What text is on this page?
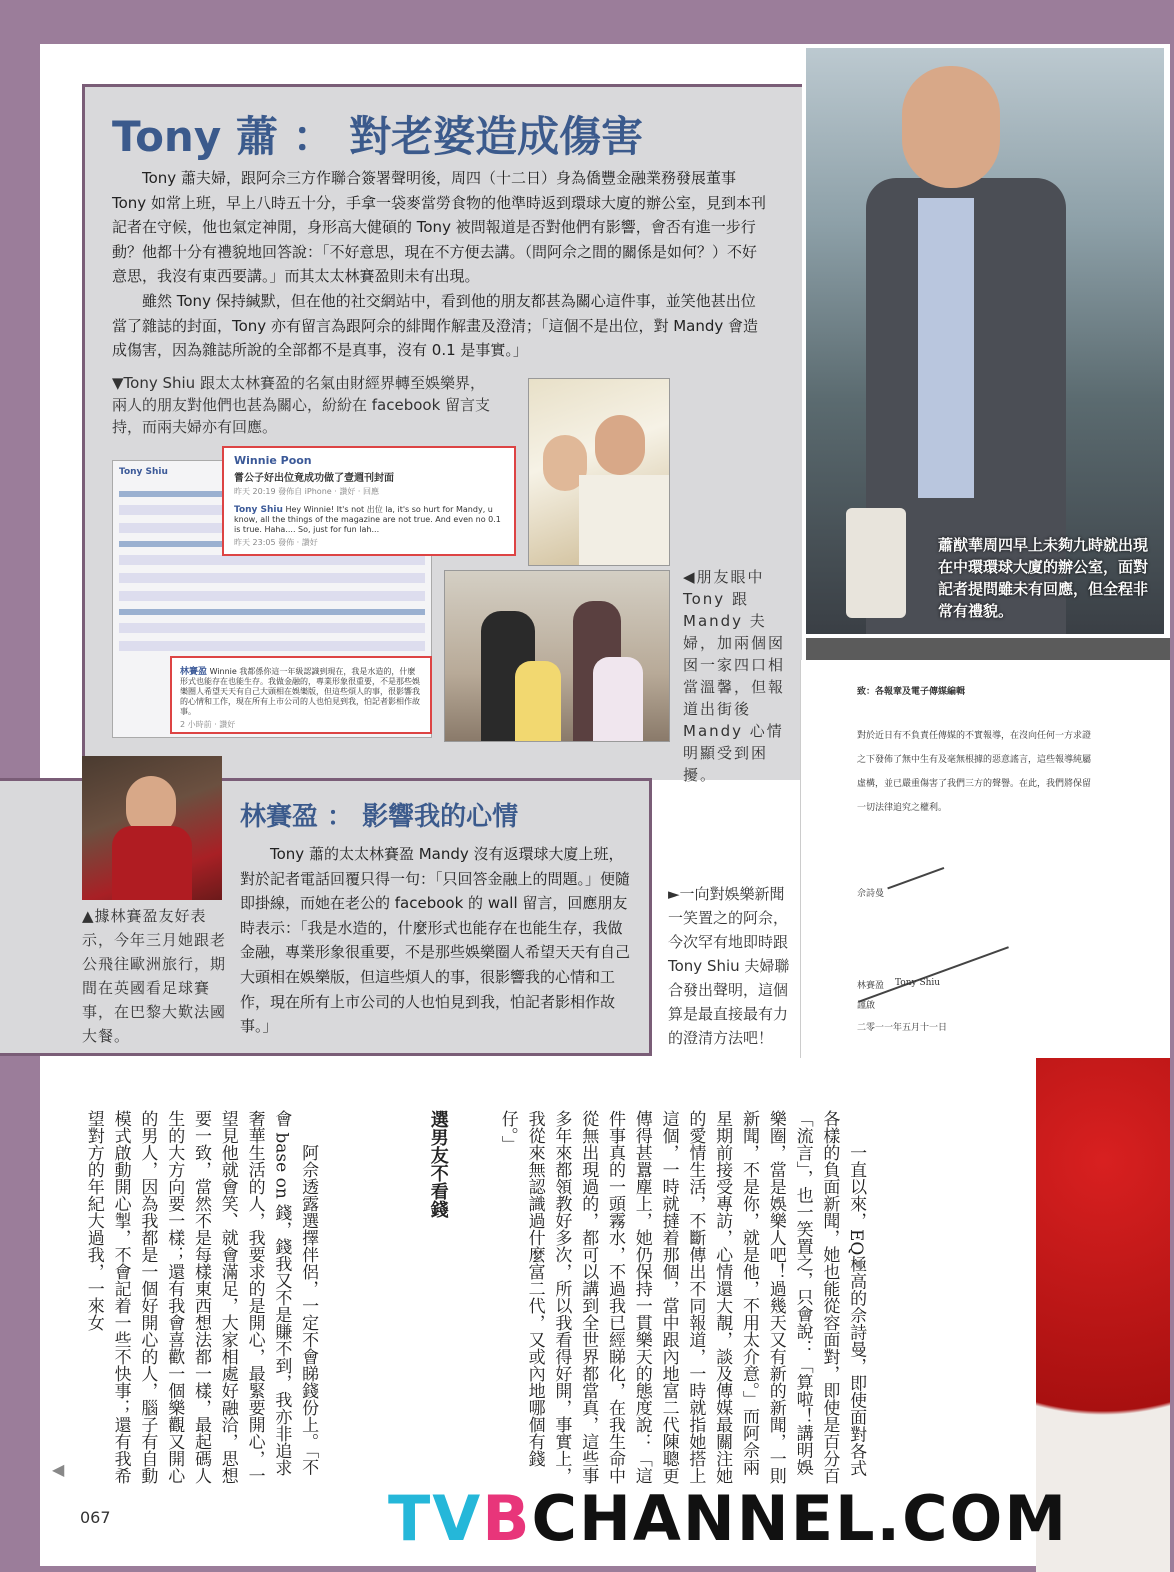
Tony 蕭 ： 對老婆造成傷害

Tony 蕭夫婦，跟阿佘三方作聯合簽署聲明後，周四（十二日）身為僑豐金融業務發展董事 Tony 如常上班，早上八時五十分，手拿一袋麥當勞食物的他準時返到環球大廈的辦公室，見到本刊記者在守候，他也氣定神閒，身形高大健碩的 Tony 被問報道是否對他們有影響，會否有進一步行動？他都十分有禮貌地回答說：「不好意思，現在不方便去講。（問阿佘之間的關係是如何？）不好意思，我沒有東西要講。」而其太太林賽盈則未有出現。

雖然 Tony 保持緘默，但在他的社交網站中，看到他的朋友都甚為關心這件事，並笑他甚出位當了雜誌的封面，Tony 亦有留言為跟阿佘的緋聞作解畫及澄清；「這個不是出位，對 Mandy 會造成傷害，因為雜誌所說的全部都不是真事，沒有 0.1 是事實。」

▼Tony Shiu 跟太太林賽盈的名氣由財經界轉至娛樂界，兩人的朋友對他們也甚為關心，紛紛在 facebook 留言支持，而兩夫婦亦有回應。
Tony Shiu
Winnie Poon
嘗公子好出位竟成功做了壹週刊封面
昨天 20:19 發佈自 iPhone · 讚好 · 回應
Tony Shiu Hey Winnie! It's not 出位 la, it's so hurt for Mandy, u know, all the things of the magazine are not true. And even no 0.1 is true. Haha.... So, just for fun lah...
昨天 23:05 發佈 · 讚好
林賽盈 Winnie 我都係你這一年級認識到現在，我是水造的，什麼形式也能存在也能生存。我做金融的，專業形象很重要，不是那些娛樂圈人希望天天有自己大頭相在娛樂版，但這些煩人的事，很影響我的心情和工作，現在所有上市公司的人也怕見到我，怕記者影相作故事。
2 小時前 · 讚好
◀朋友眼中 Tony 跟 Mandy 夫婦，加兩個囡囡一家四口相當溫馨，但報道出街後 Mandy 心情明顯受到困擾。
蕭猷華周四早上未夠九時就出現在中環環球大廈的辦公室，面對記者提問雖未有回應，但全程非常有禮貌。
致：各報章及電子傳媒編輯
對於近日有不負責任傳媒的不實報導，在沒向任何一方求證
之下發佈了無中生有及毫無根據的惡意謠言，這些報導純屬
虛構，並已嚴重傷害了我們三方的聲譽。在此，我們將保留
一切法律追究之權利。
佘詩曼
林賽盈 Tony Shiu
謹啟
二零一一年五月十一日
林賽盈 ： 影響我的心情
Tony 蕭的太太林賽盈 Mandy 沒有返環球大廈上班，對於記者電話回覆只得一句：「只回答金融上的問題。」便隨即掛線，而她在老公的 facebook 的 wall 留言，回應朋友時表示：「我是水造的，什麼形式也能存在也能生存，我做金融，專業形象很重要，不是那些娛樂圈人希望天天有自己大頭相在娛樂版，但這些煩人的事，很影響我的心情和工作，現在所有上市公司的人也怕見到我，怕記者影相作故事。」
▲據林賽盈友好表示，今年三月她跟老公飛往歐洲旅行，期間在英國看足球賽事，在巴黎大歎法國大餐。
►一向對娛樂新聞一笑置之的阿佘，今次罕有地即時跟 Tony Shiu 夫婦聯合發出聲明，這個算是最直接最有力的澄清方法吧！

一直以來，EQ極高的佘詩曼，即使面對各式各樣的負面新聞，她也能從容面對，即使是百分百「流言」，也一笑置之，只會說：「算啦！講明娛樂圈，當是娛樂人吧！過幾天又有新的新聞，一則新聞，不是你，就是他，不用太介意。」而阿佘兩星期前接受專訪，心情還大靚，談及傳媒最關注她的愛情生活，不斷傳出不同報道，一時就指她搭上這個，一時就撻着那個，當中跟內地富二代陳聰更傳得甚囂塵上，她仍保持一貫樂天的態度說：「這件事真的一頭霧水，不過我已經睇化，在我生命中從無出現過的，都可以講到全世界都當真，這些事多年來都領教好多次，所以我看得好開，事實上，我從來無認識過什麼富二代，又或內地哪個有錢仔。」

選男友不看錢

阿佘透露選擇伴侶，一定不會睇錢份上。「不會 base on 錢，錢我又不是賺不到，我亦非追求奢華生活的人，我要求的是開心，最緊要開心，一望見他就會笑、就會滿足，大家相處好融洽，思想要一致，當然不是每樣東西想法都一樣，最起碼人生的大方向要一樣；還有我會喜歡一個樂觀又開心的男人，因為我都是一個好開心的人，腦子有自動模式啟動開心掣，不會記着一些不快事；還有我希望對方的年紀大過我，一來女

◀
067	TVBCHANNEL.COM
